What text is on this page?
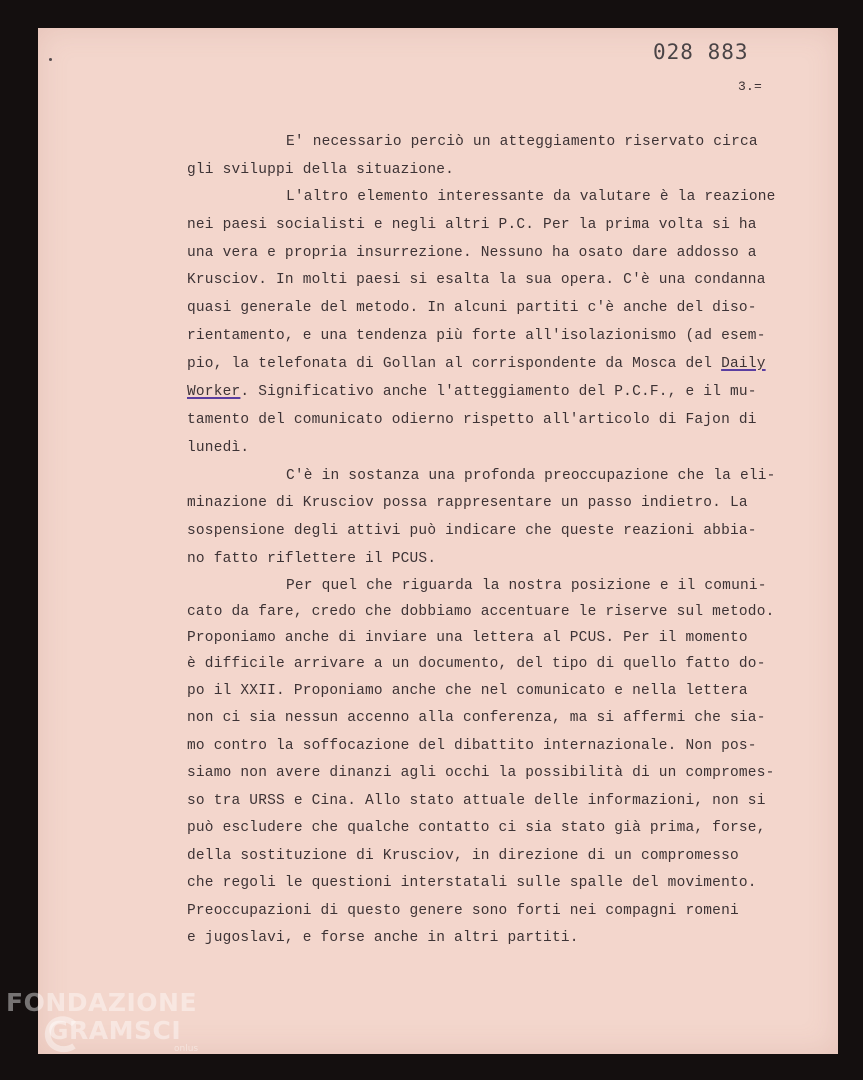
028 883
3.=
E' necessario perciò un atteggiamento riservato circa
gli sviluppi della situazione.
L'altro elemento interessante da valutare è la reazione
nei paesi socialisti e negli altri P.C. Per la prima volta si ha
una vera e propria insurrezione. Nessuno ha osato dare addosso a
Krusciov. In molti paesi si esalta la sua opera. C'è una condanna
quasi generale del metodo. In alcuni partiti c'è anche del diso-
rientamento, e una tendenza più forte all'isolazionismo (ad esem-
pio, la telefonata di Gollan al corrispondente da Mosca del Daily
Worker. Significativo anche l'atteggiamento del P.C.F., e il mu-
tamento del comunicato odierno rispetto all'articolo di Fajon di
lunedì.
C'è in sostanza una profonda preoccupazione che la eli-
minazione di Krusciov possa rappresentare un passo indietro. La
sospensione degli attivi può indicare che queste reazioni abbia-
no fatto riflettere il PCUS.
Per quel che riguarda la nostra posizione e il comuni-
cato da fare, credo che dobbiamo accentuare le riserve sul metodo.
Proponiamo anche di inviare una lettera al PCUS. Per il momento
è difficile arrivare a un documento, del tipo di quello fatto do-
po il XXII. Proponiamo anche che nel comunicato e nella lettera
non ci sia nessun accenno alla conferenza, ma si affermi che sia-
mo contro la soffocazione del dibattito internazionale. Non pos-
siamo non avere dinanzi agli occhi la possibilità di un compromes-
so tra URSS e Cina. Allo stato attuale delle informazioni, non si
può escludere che qualche contatto ci sia stato già prima, forse,
della sostituzione di Krusciov, in direzione di un compromesso
che regoli le questioni interstatali sulle spalle del movimento.
Preoccupazioni di questo genere sono forti nei compagni romeni
e jugoslavi, e forse anche in altri partiti.
FONDAZIONE
GRAMSCI
onlus
